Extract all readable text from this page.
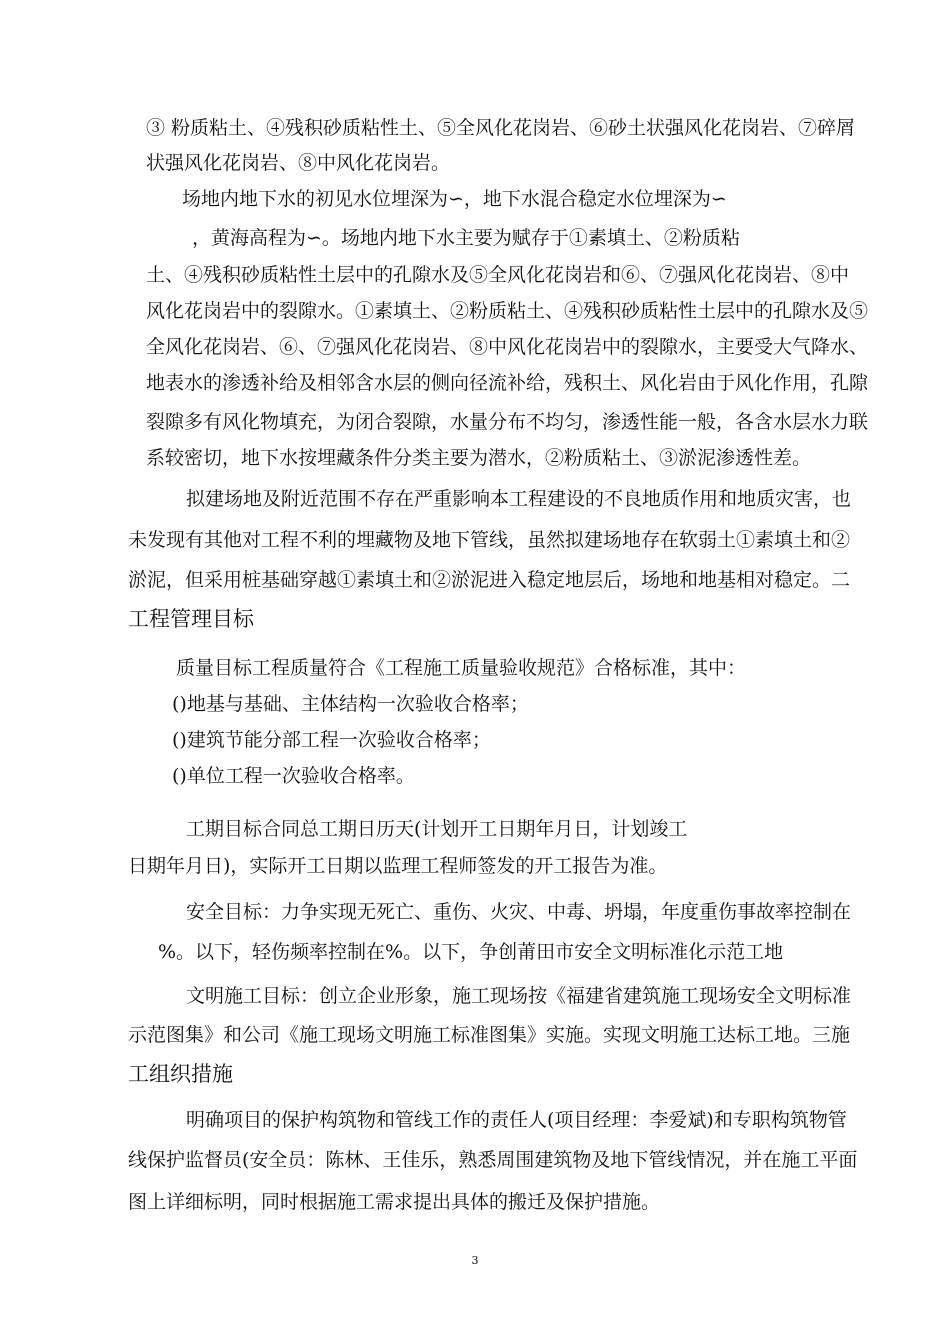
③ 粉质粘土、④残积砂质粘性土、⑤全风化花岗岩、⑥砂土状强风化花岗岩、⑦碎屑
状强风化花岗岩、⑧中风化花岗岩。
场地内地下水的初见水位埋深为∽，地下水混合稳定水位埋深为∽
，黄海高程为∽。场地内地下水主要为赋存于①素填土、②粉质粘
土、④残积砂质粘性土层中的孔隙水及⑤全风化花岗岩和⑥、⑦强风化花岗岩、⑧中
风化花岗岩中的裂隙水。①素填土、②粉质粘土、④残积砂质粘性土层中的孔隙水及⑤
全风化花岗岩、⑥、⑦强风化花岗岩、⑧中风化花岗岩中的裂隙水，主要受大气降水、
地表水的渗透补给及相邻含水层的侧向径流补给，残积土、风化岩由于风化作用，孔隙
裂隙多有风化物填充，为闭合裂隙，水量分布不均匀，渗透性能一般，各含水层水力联
系较密切，地下水按埋藏条件分类主要为潜水，②粉质粘土、③淤泥渗透性差。
拟建场地及附近范围不存在严重影响本工程建设的不良地质作用和地质灾害，也
未发现有其他对工程不利的埋藏物及地下管线，虽然拟建场地存在软弱土①素填土和②
淤泥，但采用桩基础穿越①素填土和②淤泥进入稳定地层后，场地和地基相对稳定。二
工程管理目标
质量目标工程质量符合《工程施工质量验收规范》合格标准，其中：
()地基与基础、主体结构一次验收合格率；
()建筑节能分部工程一次验收合格率；
()单位工程一次验收合格率。
工期目标合同总工期日历天(计划开工日期年月日，计划竣工
日期年月日)，实际开工日期以监理工程师签发的开工报告为准。
安全目标：力争实现无死亡、重伤、火灾、中毒、坍塌，年度重伤事故率控制在
%。以下，轻伤频率控制在%。以下，争创莆田市安全文明标准化示范工地
文明施工目标：创立企业形象，施工现场按《福建省建筑施工现场安全文明标准
示范图集》和公司《施工现场文明施工标准图集》实施。实现文明施工达标工地。三施
工组织措施
明确项目的保护构筑物和管线工作的责任人(项目经理：李爱斌)和专职构筑物管
线保护监督员(安全员：陈林、王佳乐，熟悉周围建筑物及地下管线情况，并在施工平面
图上详细标明，同时根据施工需求提出具体的搬迁及保护措施。
3
